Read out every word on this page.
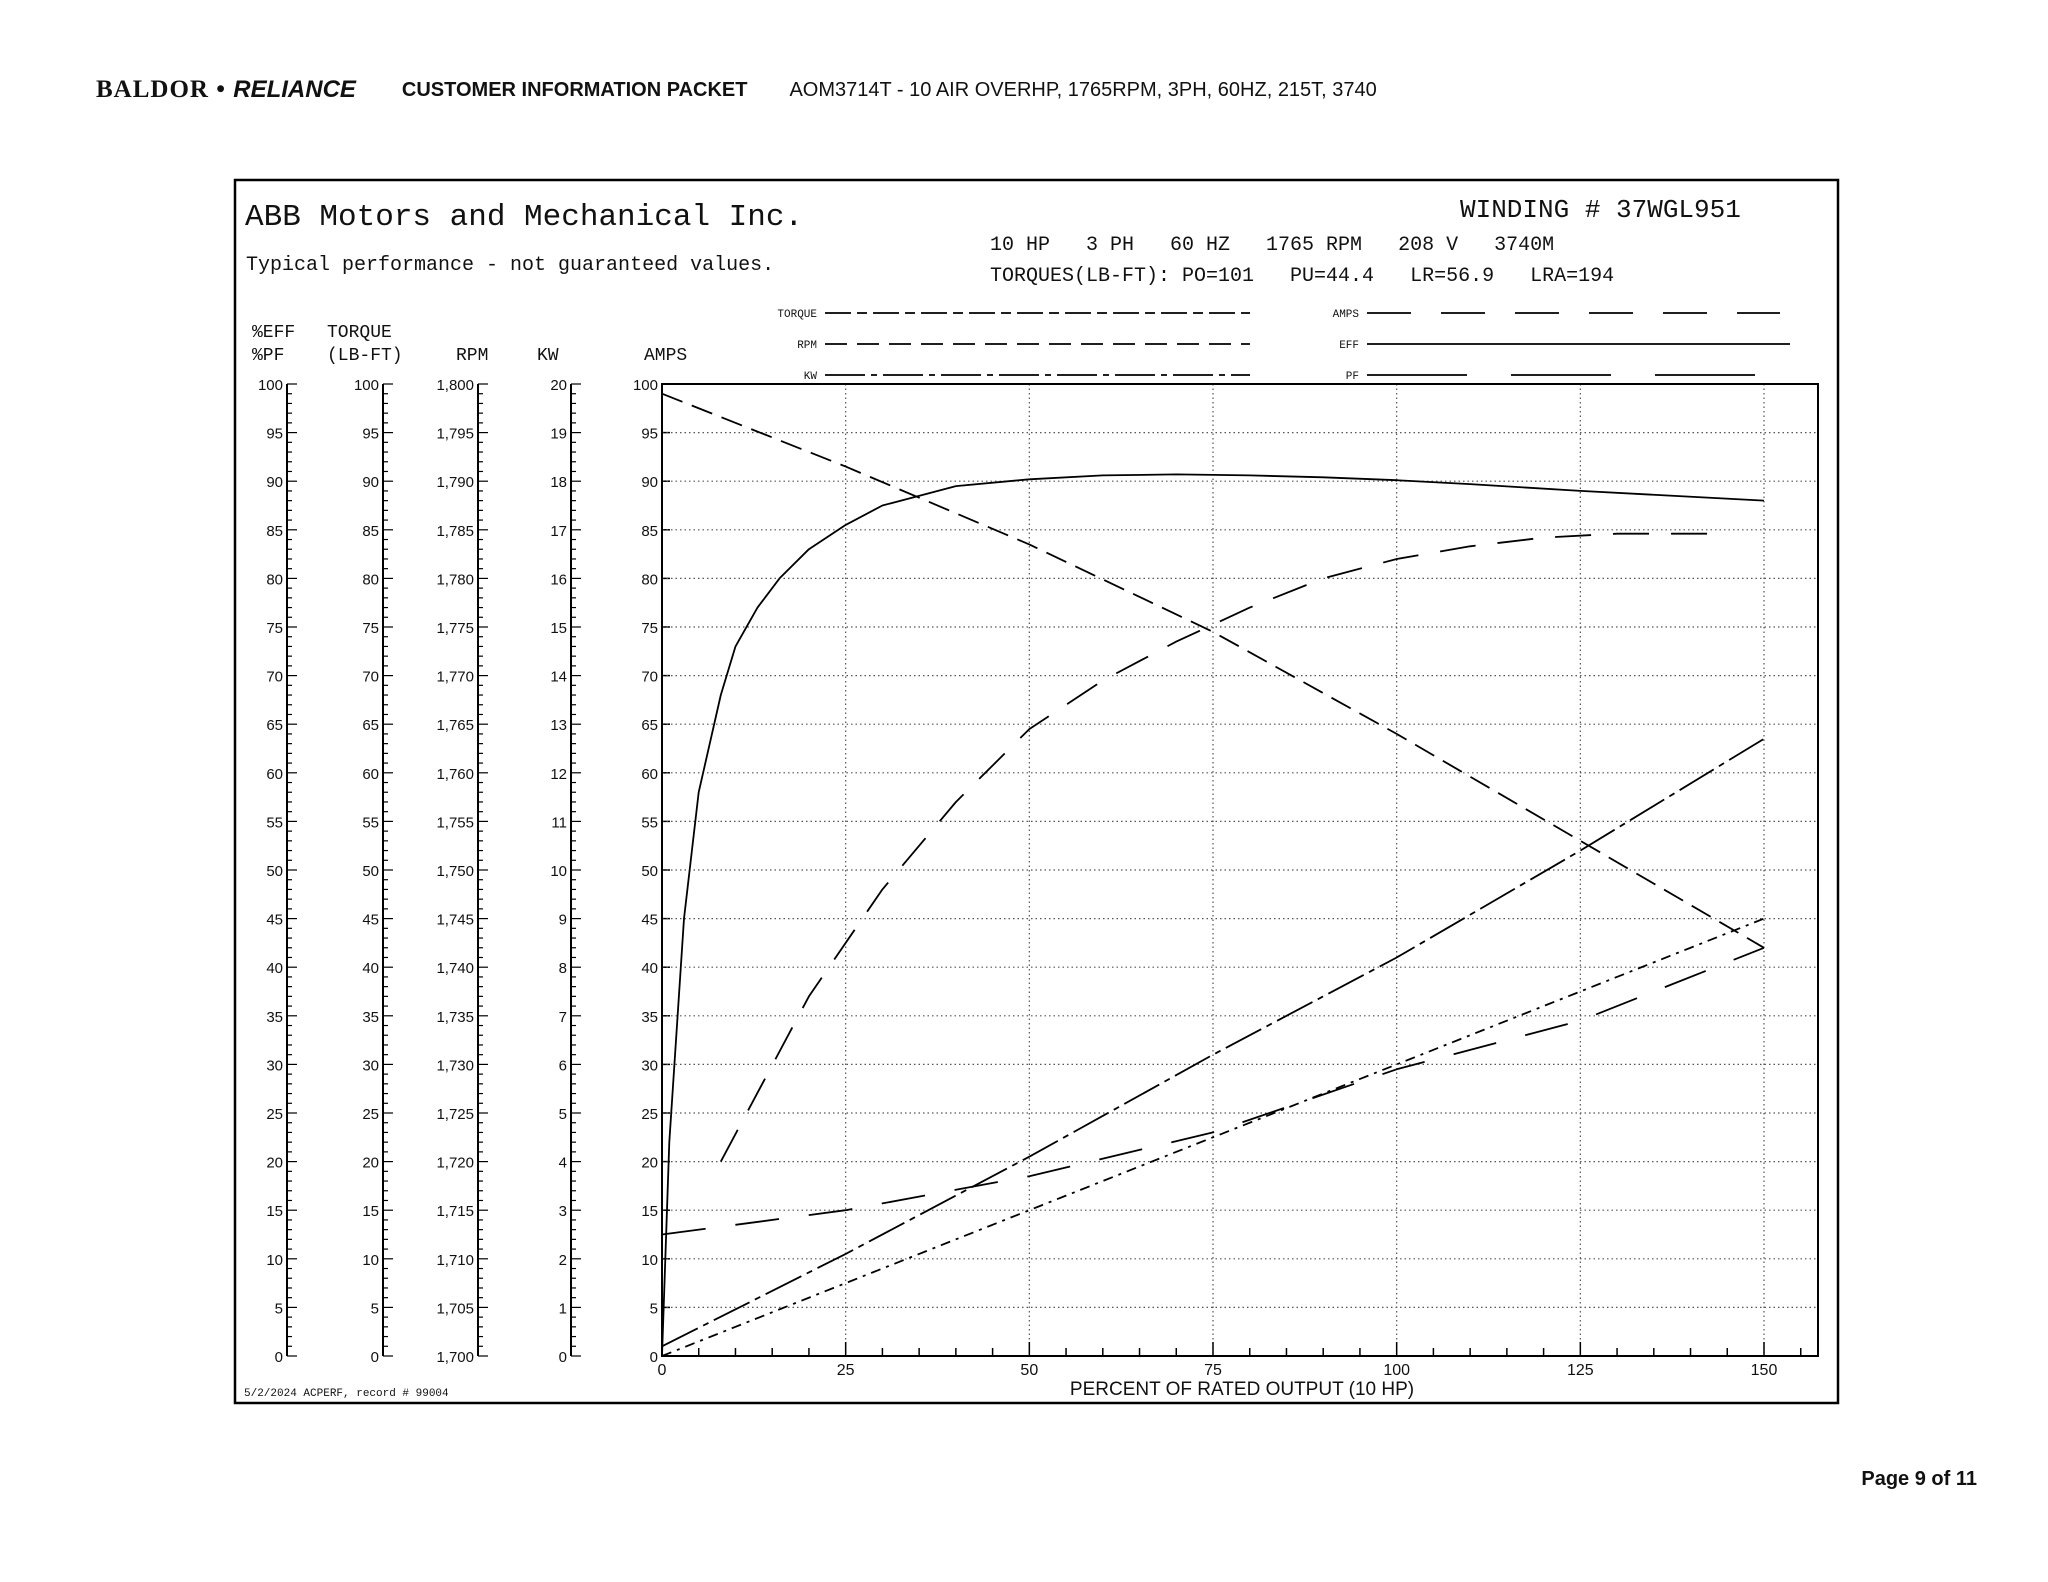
BALDOR • RELIANCE CUSTOMER INFORMATION PACKET AOM3714T - 10 AIR OVERHP, 1765RPM, 3PH, 60HZ, 215T, 3740
ABB Motors and Mechanical Inc.
Typical performance - not guaranteed values.
WINDING # 37WGL951
10 HP   3 PH   60 HZ   1765 RPM   208 V   3740M
TORQUES(LB-FT): PO=101   PU=44.4   LR=56.9   LRA=194
5/2/2024 ACPERF, record # 99004	PERCENT OF RATED OUTPUT (10 HP)
TORQUE
RPM
KW
AMPS
EFF
PF
0
5
10
15
20
25
30
35
40
45
50
55
60
65
70
75
80
85
90
95
100
%EFF
%PF
0
5
10
15
20
25
30
35
40
45
50
55
60
65
70
75
80
85
90
95
100
TORQUE
(LB-FT)
1,700
1,705
1,710
1,715
1,720
1,725
1,730
1,735
1,740
1,745
1,750
1,755
1,760
1,765
1,770
1,775
1,780
1,785
1,790
1,795
1,800
RPM
0
1
2
3
4
5
6
7
8
9
10
11
12
13
14
15
16
17
18
19
20
KW
0
5
10
15
20
25
30
35
40
45
50
55
60
65
70
75
80
85
90
95
100
AMPS
0	25	50	75	100	125	150
Page 9 of 11
